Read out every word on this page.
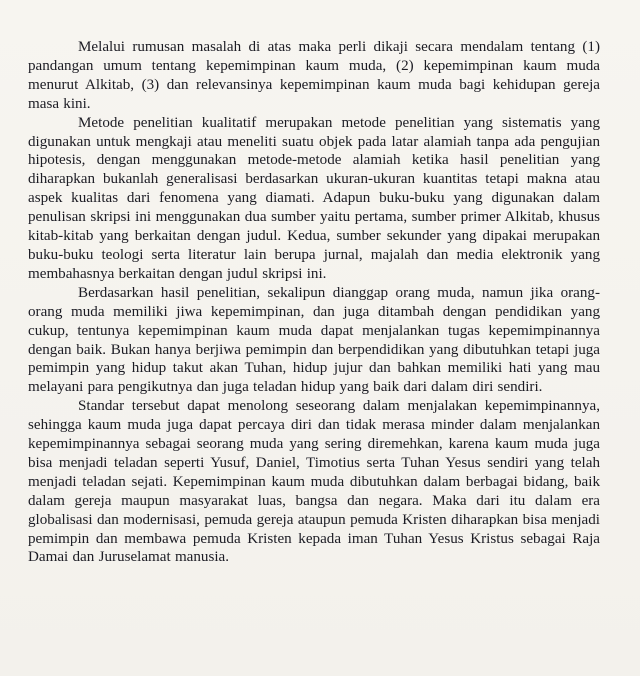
Melalui rumusan masalah di atas maka perli dikaji secara mendalam tentang (1) pandangan umum tentang kepemimpinan kaum muda, (2) kepemimpinan kaum muda menurut Alkitab, (3) dan relevansinya kepemimpinan kaum muda bagi kehidupan gereja masa kini.

Metode penelitian kualitatif merupakan metode penelitian yang sistematis yang digunakan untuk mengkaji atau meneliti suatu objek pada latar alamiah tanpa ada pengujian hipotesis, dengan menggunakan metode-metode alamiah ketika hasil penelitian yang diharapkan bukanlah generalisasi berdasarkan ukuran-ukuran kuantitas tetapi makna atau aspek kualitas dari fenomena yang diamati. Adapun buku-buku yang digunakan dalam penulisan skripsi ini menggunakan dua sumber yaitu pertama, sumber primer Alkitab, khusus kitab-kitab yang berkaitan dengan judul. Kedua, sumber sekunder yang dipakai merupakan buku-buku teologi serta literatur lain berupa jurnal, majalah dan media elektronik yang membahasnya berkaitan dengan judul skripsi ini.

Berdasarkan hasil penelitian, sekalipun dianggap orang muda, namun jika orang-orang muda memiliki jiwa kepemimpinan, dan juga ditambah dengan pendidikan yang cukup, tentunya kepemimpinan kaum muda dapat menjalankan tugas kepemimpinannya dengan baik. Bukan hanya berjiwa pemimpin dan berpendidikan yang dibutuhkan tetapi juga pemimpin yang hidup takut akan Tuhan, hidup jujur dan bahkan memiliki hati yang mau melayani para pengikutnya dan juga teladan hidup yang baik dari dalam diri sendiri.

Standar tersebut dapat menolong seseorang dalam menjalakan kepemimpinannya, sehingga kaum muda juga dapat percaya diri dan tidak merasa minder dalam menjalankan kepemimpinannya sebagai seorang muda yang sering diremehkan, karena kaum muda juga bisa menjadi teladan seperti Yusuf, Daniel, Timotius serta Tuhan Yesus sendiri yang telah menjadi teladan sejati. Kepemimpinan kaum muda dibutuhkan dalam berbagai bidang, baik dalam gereja maupun masyarakat luas, bangsa dan negara. Maka dari itu dalam era globalisasi dan modernisasi, pemuda gereja ataupun pemuda Kristen diharapkan bisa menjadi pemimpin dan membawa pemuda Kristen kepada iman Tuhan Yesus Kristus sebagai Raja Damai dan Juruselamat manusia.
